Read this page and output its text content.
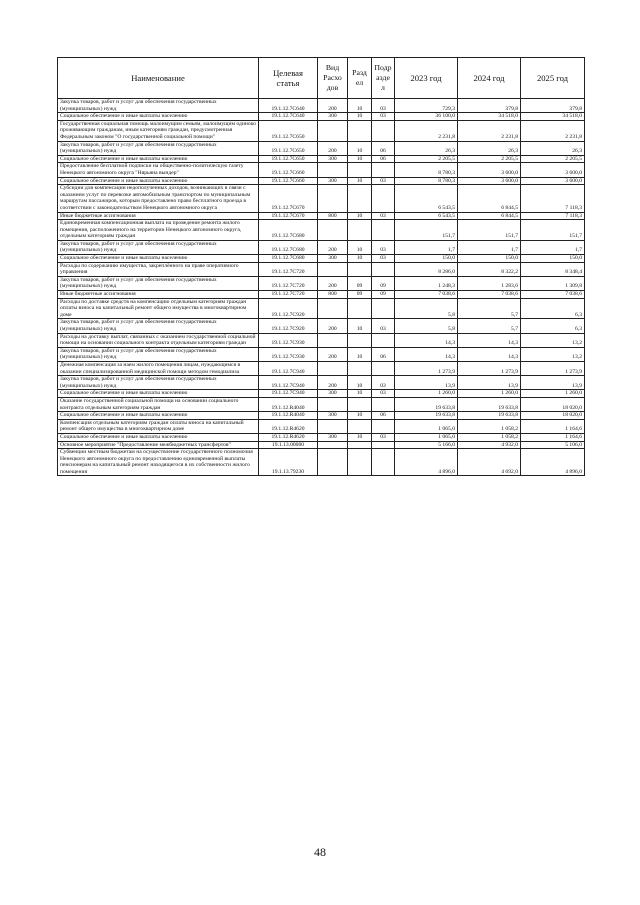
Наименование	Целевая статья	Вид Расхо дов	Разд ел	Подр азде л	2023 год	2024 год	2025 год
Закупка товаров, работ и услуг для обеспечения государственных (муниципальных) нужд	19.1.12.7C640	200	10	03	729,3	379,8	379,8
Социальное обеспечение и иные выплаты населению	19.1.12.7C640	300	10	03	36 100,0	34 518,0	34 518,0
Государственная социальная помощь малоимущим семьям, малоимущим одиноко проживающим гражданам, иным категориям граждан, предусмотренная Федеральным законом "О государственной социальной помощи"	19.1.12.7C650				2 231,8	2 231,8	2 231,8
Закупка товаров, работ и услуг для обеспечения государственных (муниципальных) нужд	19.1.12.7C650	200	10	06	26,3	26,3	26,3
Социальное обеспечение и иные выплаты населению	19.1.12.7C650	300	10	06	2 205,5	2 205,5	2 205,5
Предоставление бесплатной подписки на общественно-политическую газету Ненецкого автономного округа "Нярьяна вындер"	19.1.12.7C660				8 780,3	3 600,0	3 600,0
Социальное обеспечение и иные выплаты населению	19.1.12.7C660	300	10	03	8 780,3	3 600,0	3 600,0
Субсидии для компенсации недополученных доходов, возникающих в связи с оказанием услуг по перевозке автомобильным транспортом по муниципальным маршрутам пассажиров, которым предоставлено право бесплатного проезда в соответствии с законодательством Ненецкого автономного округа	19.1.12.7C670				6 543,5	6 844,5	7 118,3
Иные бюджетные ассигнования	19.1.12.7C670	800	10	03	6 543,5	6 844,5	7 118,3
Единовременная компенсационная выплата на проведение ремонта жилого помещения, расположенного на территории Ненецкого автономного округа, отдельным категориям граждан	19.1.12.7C680				151,7	151,7	151,7
Закупка товаров, работ и услуг для обеспечения государственных (муниципальных) нужд	19.1.12.7C680	200	10	03	1,7	1,7	1,7
Социальное обеспечение и иные выплаты населению	19.1.12.7C680	300	10	03	150,0	150,0	150,0
Расходы по содержанию имущества, закреплённого на праве оперативного управления	19.1.12.7C720				8 286,0	8 322,2	8 348,4
Закупка товаров, работ и услуг для обеспечения государственных (муниципальных) нужд	19.1.12.7C720	200	09	09	1 248,3	1 283,6	1 309,8
Иные бюджетные ассигнования	19.1.12.7C720	800	09	09	7 038,6	7 038,6	7 038,6
Расходы по доставке средств на компенсацию отдельным категориям граждан оплаты взноса на капитальный ремонт общего имущества в многоквартирном доме	19.1.12.7C920				5,8	5,7	6,3
Закупка товаров, работ и услуг для обеспечения государственных (муниципальных) нужд	19.1.12.7C920	200	10	03	5,8	5,7	6,3
Расходы на доставку выплат, связанных с оказанием государственной социальной помощи на основании социального контракта отдельным категориям граждан	19.1.12.7C930				14,3	14,3	13,2
Закупка товаров, работ и услуг для обеспечения государственных (муниципальных) нужд	19.1.12.7C930	200	10	06	14,3	14,3	13,2
Денежная компенсация за наем жилого помещения лицам, нуждающимся в оказании специализированной медицинской помощи методом гемодиализа	19.1.12.7C940				1 273,9	1 273,9	1 273,9
Закупка товаров, работ и услуг для обеспечения государственных (муниципальных) нужд	19.1.12.7C940	200	10	03	13,9	13,9	13,9
Социальное обеспечение и иные выплаты населению	19.1.12.7C940	300	10	03	1 260,0	1 260,0	1 260,0
Оказание государственной социальной помощи на основании социального контракта отдельным категориям граждан	19.1.12.R4040				19 633,8	19 633,8	18 020,0
Социальное обеспечение и иные выплаты населению	19.1.12.R4040	300	10	06	19 633,8	19 633,8	18 020,0
Компенсация отдельным категориям граждан оплаты взноса на капитальный ремонт общего имущества в многоквартирном доме	19.1.12.R4620				1 065,0	1 058,2	1 164,6
Социальное обеспечение и иные выплаты населению	19.1.12.R4620	300	10	03	1 065,0	1 058,2	1 164,6
Основное мероприятие "Предоставление межбюджетных трансфертов"	19.1.13.00000				5 166,0	4 932,0	5 106,0
Субвенции местным бюджетам на осуществление государственного полномочия Ненецкого автономного округа по предоставлению единовременной выплаты пенсионерам на капитальный ремонт находящегося в их собственности жилого помещения	19.1.13.79230				4 896,0	4 692,0	4 896,0
48
